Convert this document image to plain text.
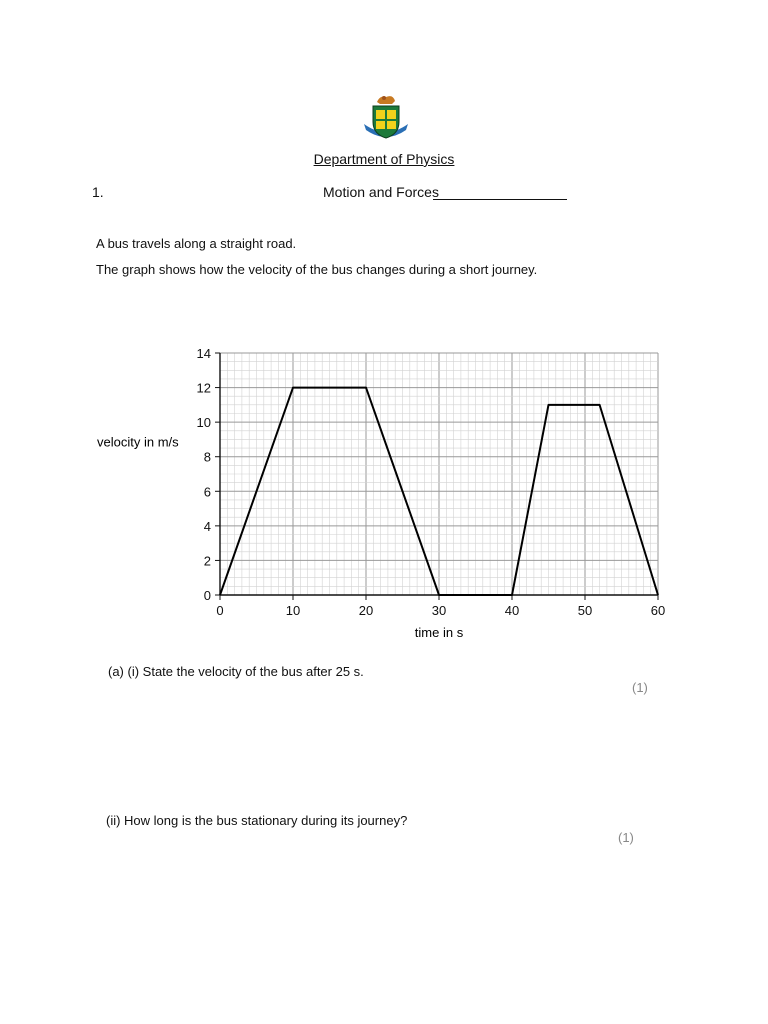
Department of Physics
1.	Motion and Forces
A bus travels along a straight road.
The graph shows how the velocity of the bus changes during a short journey.
0	10	20	30	40	50	60
0
2
4
6
8
10
12
14
time in s
velocity in m/s
(a) (i) State the velocity of the bus after 25 s.
(1)
(ii) How long is the bus stationary during its journey?
(1)
